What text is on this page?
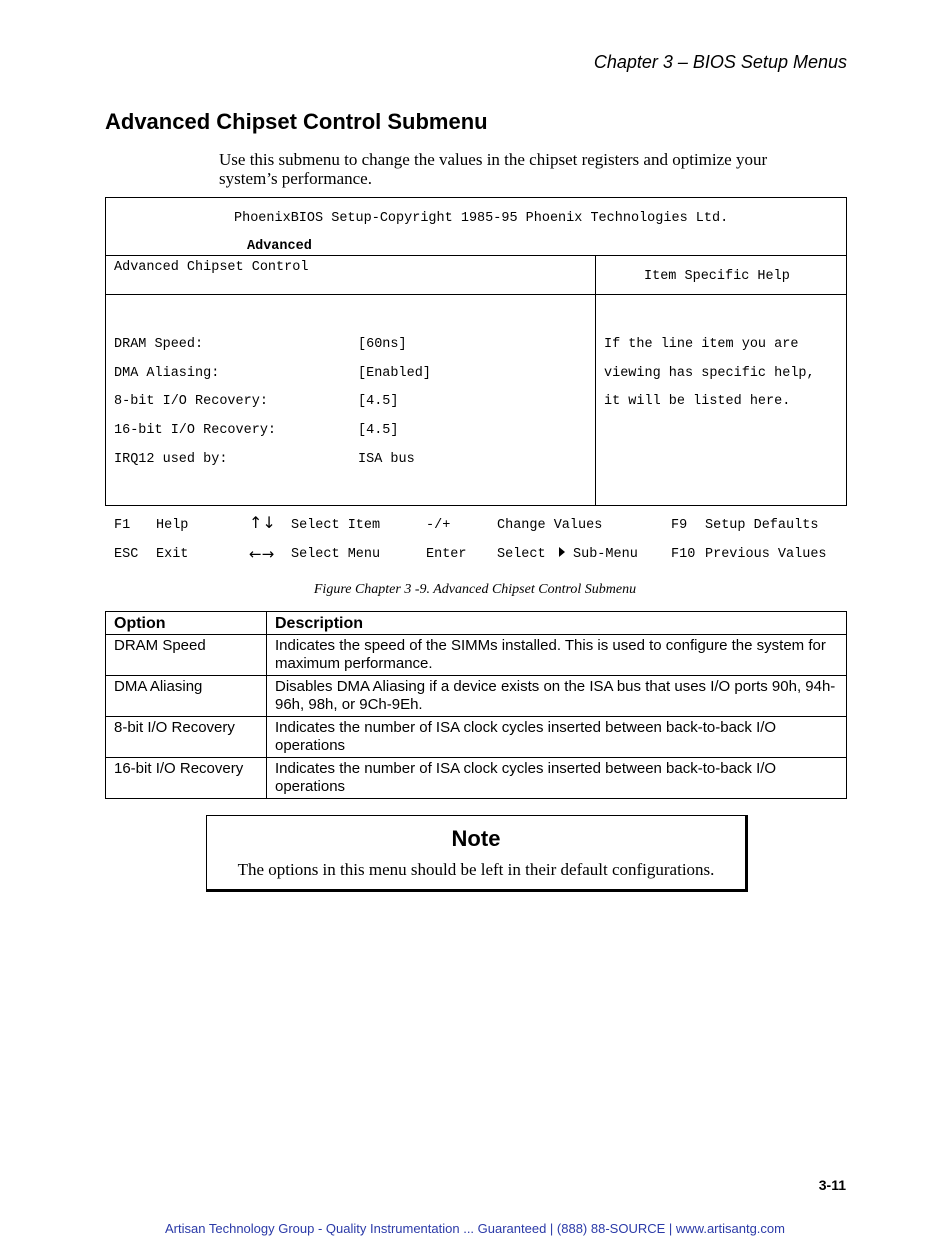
Chapter 3 – BIOS Setup Menus
Advanced Chipset Control Submenu
Use this submenu to change the values in the chipset registers and optimize your system’s performance.
PhoenixBIOS Setup-Copyright 1985-95 Phoenix Technologies Ltd.
Advanced
Advanced Chipset Control
Item Specific Help
DRAM Speed:	[60ns]
DMA Aliasing:	[Enabled]
8-bit I/O Recovery:	[4.5]
16-bit I/O Recovery:	[4.5]
IRQ12 used by:	ISA bus
If the line item you are
viewing has specific help,
it will be listed here.
F1 Help	↑↓ Select Item	-/+	Change Values	F9 Setup Defaults
ESC Exit	←→ Select Menu	Enter Select Sub-Menu F10 Previous Values
Figure Chapter 3 -9. Advanced Chipset Control Submenu
Option	Description
DRAM Speed	Indicates the speed of the SIMMs installed. This is used to configure the system for maximum performance.
DMA Aliasing	Disables DMA Aliasing if a device exists on the ISA bus that uses I/O ports 90h, 94h-96h, 98h, or 9Ch-9Eh.
8-bit I/O Recovery	Indicates the number of ISA clock cycles inserted between back-to-back I/O operations
16-bit I/O Recovery	Indicates the number of ISA clock cycles inserted between back-to-back I/O operations
Note
The options in this menu should be left in their default configurations.
3-11
Artisan Technology Group - Quality Instrumentation ... Guaranteed | (888) 88-SOURCE | www.artisantg.com
